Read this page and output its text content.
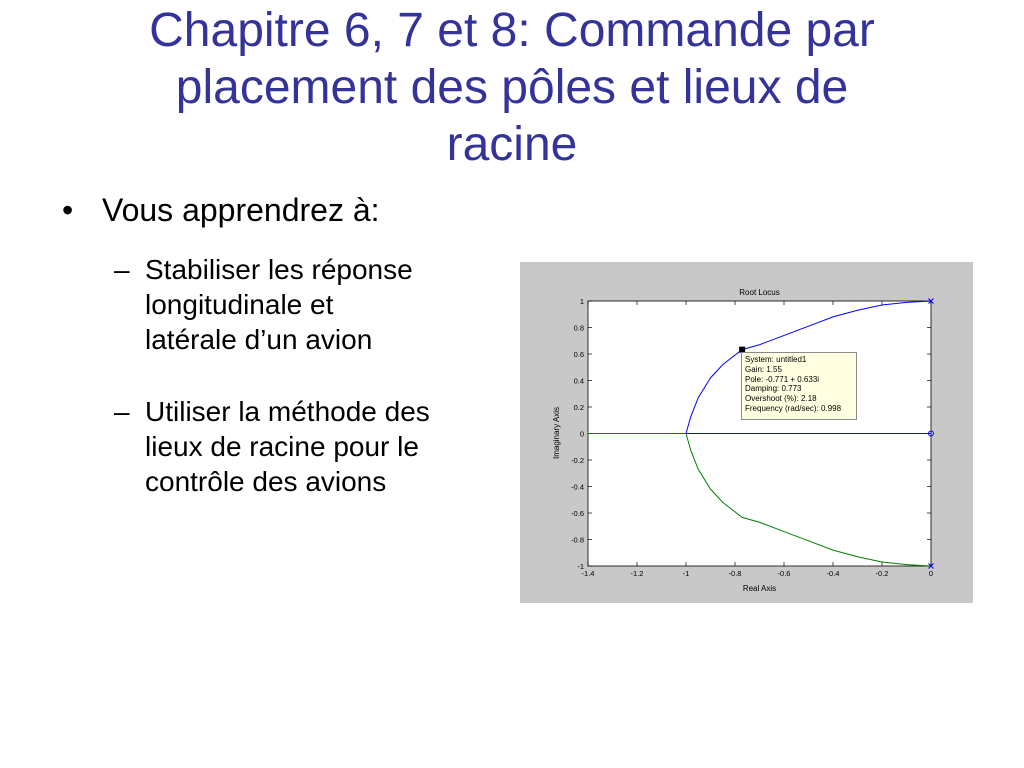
Chapitre 6, 7 et 8: Commande par
placement des pôles et lieux de
racine
• Vous apprendrez à:
– Stabiliser les réponse
longitudinale et
latérale d’un avion
– Utiliser la méthode des
lieux de racine pour le
contrôle des avions
Root Locus
Real Axis
Imaginary Axis
-1.4	-1.2	-1	-0.8	-0.6	-0.4	-0.2	0
1
0.8
0.6
0.4
0.2
0
-0.2
-0.4
-0.6
-0.8
-1
System: untitled1
Gain: 1.55
Pole: -0.771 + 0.633i
Damping: 0.773
Overshoot (%): 2.18
Frequency (rad/sec): 0.998
